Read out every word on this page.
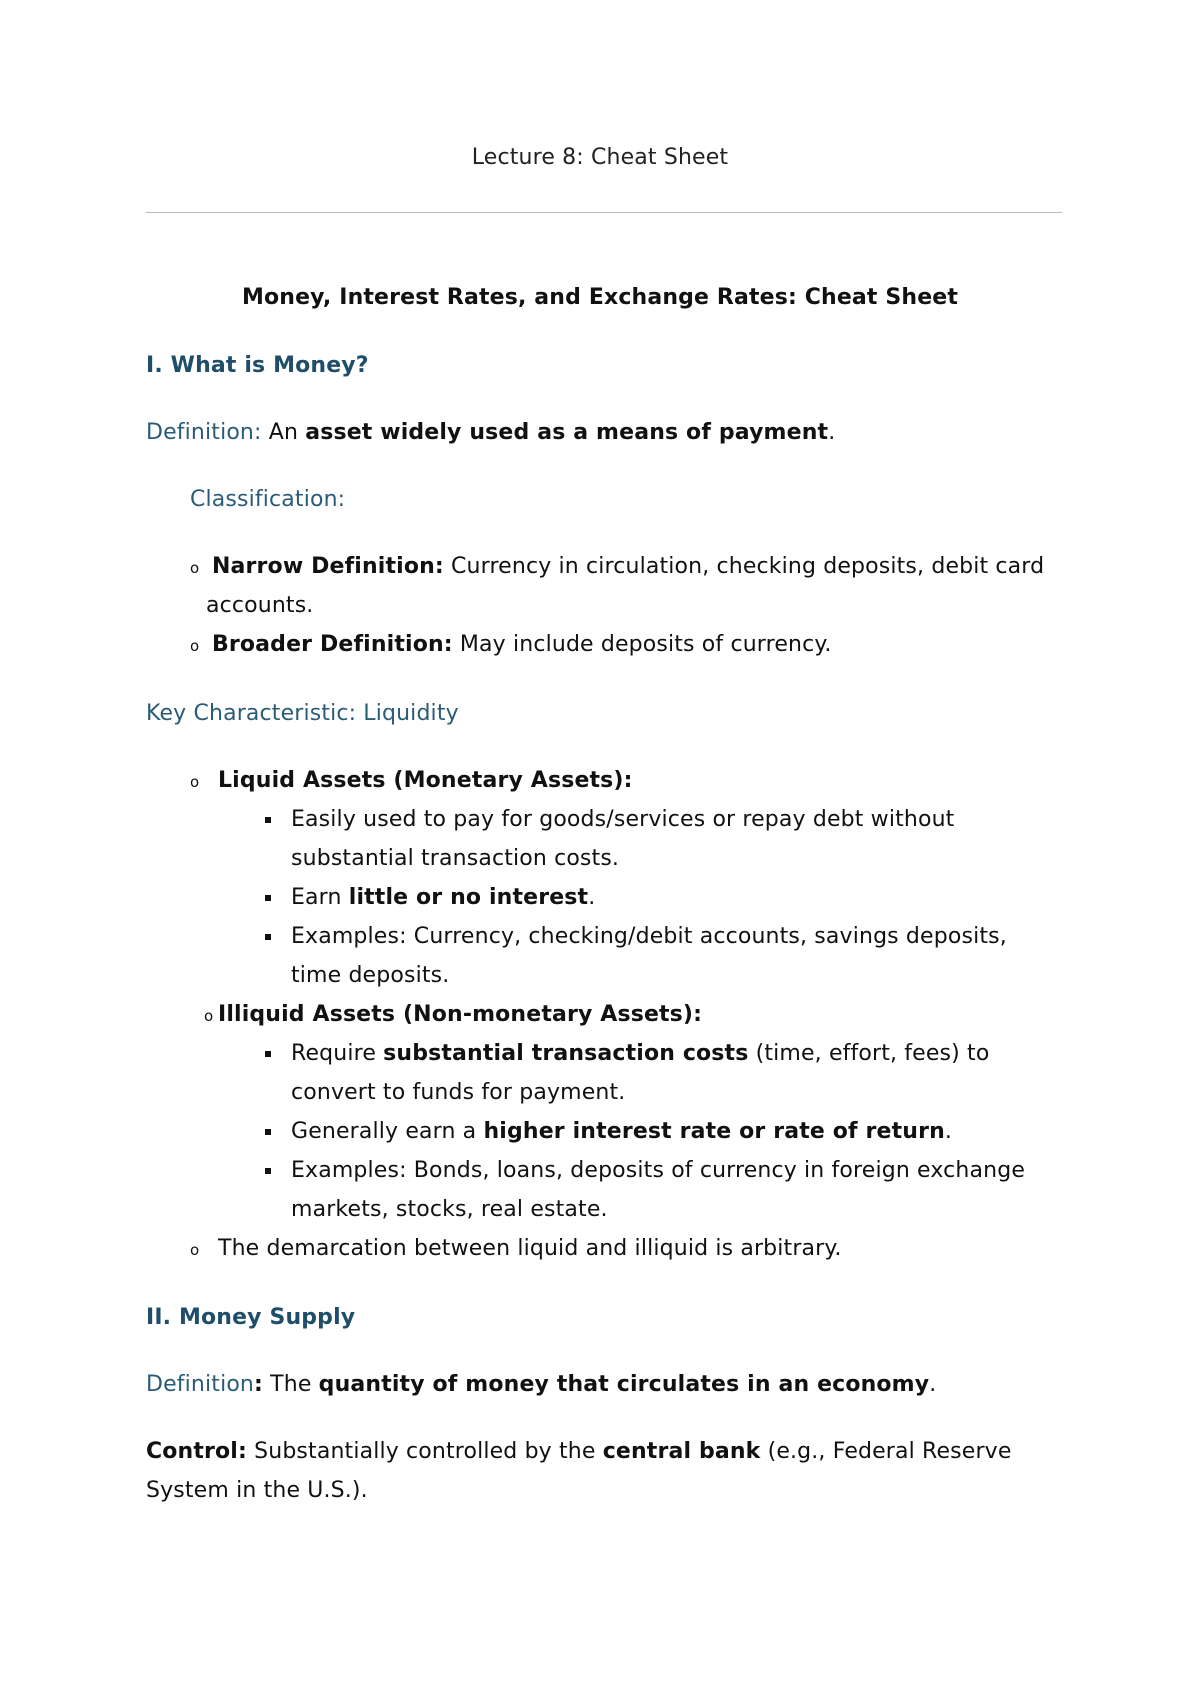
Lecture 8: Cheat Sheet
Money, Interest Rates, and Exchange Rates: Cheat Sheet
I. What is Money?
Definition: An asset widely used as a means of payment.
Classification:
o Narrow Definition: Currency in circulation, checking deposits, debit card
accounts.
o Broader Definition: May include deposits of currency.
Key Characteristic: Liquidity
o Liquid Assets (Monetary Assets):
Easily used to pay for goods/services or repay debt without
substantial transaction costs.
Earn little or no interest.
Examples: Currency, checking/debit accounts, savings deposits,
time deposits.
o Illiquid Assets (Non-monetary Assets):
Require substantial transaction costs (time, effort, fees) to
convert to funds for payment.
Generally earn a higher interest rate or rate of return.
Examples: Bonds, loans, deposits of currency in foreign exchange
markets, stocks, real estate.
o The demarcation between liquid and illiquid is arbitrary.
II. Money Supply
Definition: The quantity of money that circulates in an economy.
Control: Substantially controlled by the central bank (e.g., Federal Reserve
System in the U.S.).
